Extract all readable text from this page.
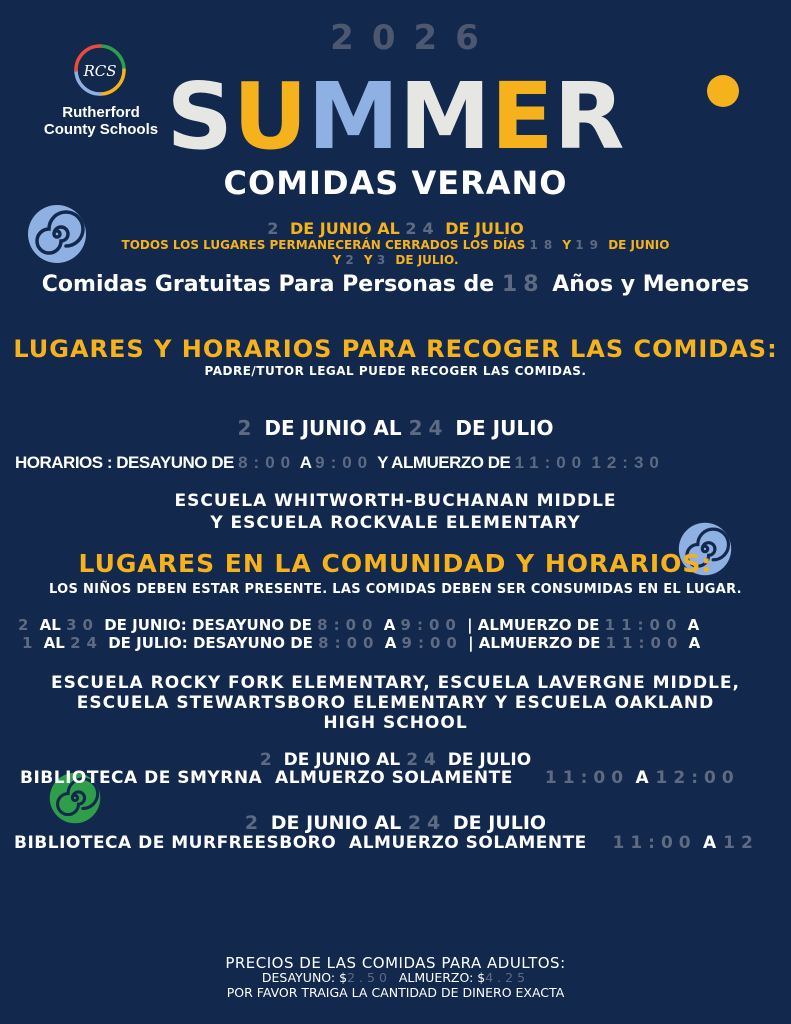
RCS
Rutherford
County Schools
2026
SUMMER
COMIDAS VERANO
2 DE JUNIO AL 24 DE JULIO
TODOS LOS LUGARES PERMANECERÁN CERRADOS LOS DÍAS 18 Y 19 DE JUNIO
Y 2 Y 3 DE JULIO.
Comidas Gratuitas Para Personas de 18 Años y Menores
LUGARES Y HORARIOS PARA RECOGER LAS COMIDAS:
PADRE/TUTOR LEGAL PUEDE RECOGER LAS COMIDAS.
2 DE JUNIO AL 24 DE JULIO
HORARIOS : DESAYUNO DE 8:00 A 9:00 Y ALMUERZO DE 11:00 12:30
ESCUELA WHITWORTH-BUCHANAN MIDDLE
Y ESCUELA ROCKVALE ELEMENTARY
LUGARES EN LA COMUNIDAD Y HORARIOS:
LOS NIÑOS DEBEN ESTAR PRESENTE. LAS COMIDAS DEBEN SER CONSUMIDAS EN EL LUGAR.
2 AL 30 DE JUNIO: DESAYUNO DE 8:00 A 9:00 | ALMUERZO DE 11:00 A
1 AL 24 DE JULIO: DESAYUNO DE 8:00 A 9:00 | ALMUERZO DE 11:00 A
ESCUELA ROCKY FORK ELEMENTARY, ESCUELA LAVERGNE MIDDLE, ESCUELA STEWARTSBORO ELEMENTARY Y ESCUELA OAKLAND HIGH SCHOOL
2 DE JUNIO AL 24 DE JULIO
BIBLIOTECA DE SMYRNA ALMUERZO SOLAMENTE 11:00 A 12:00
2 DE JUNIO AL 24 DE JULIO
BIBLIOTECA DE MURFREESBORO ALMUERZO SOLAMENTE 11:00 A 12
PRECIOS DE LAS COMIDAS PARA ADULTOS:
DESAYUNO: $2.50 ALMUERZO: $4.25
POR FAVOR TRAIGA LA CANTIDAD DE DINERO EXACTA
